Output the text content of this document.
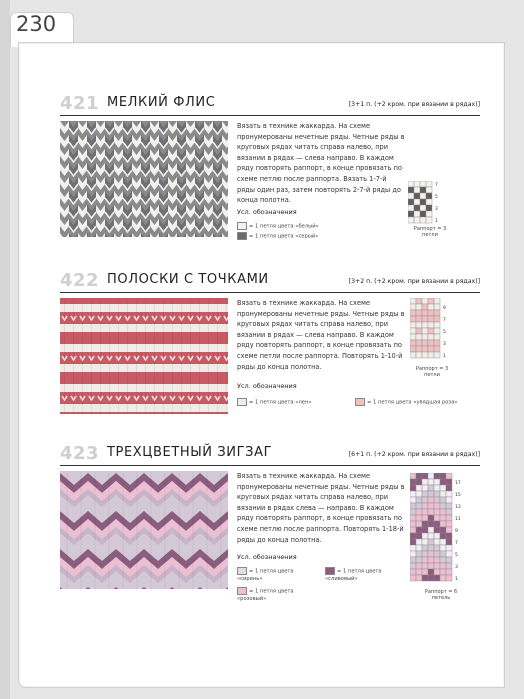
230
421 МЕЛКИЙ ФЛИС	[3+1 п. (+2 кром. при вязании в рядах)]

Вязать в технике жаккарда. На схеме пронумерованы нечетные ряды. Четные ряды в круговых рядах читать справа налево, при вязании в рядах — слева направо. В каждом ряду повторять раппорт, в конце провязать по схеме петлю после раппорта. Вязать 1-7-й ряды один раз, затем повторять 2-7-й ряды до конца полотна.

Усл. обозначения
= 1 петля цвета «белый»
= 1 петля цвета «серый»
7
5
3
1
Раппорт = 3 петли
422 ПОЛОСКИ С ТОЧКАМИ	[3+2 п. (+2 кром. при вязании в рядах)]

Вязать в технике жаккарда. На схеме пронумерованы нечетные ряды. Четные ряды в круговых рядах читать справа налево, при вязании в рядах — слева направо. В каждом ряду повторять раппорт, в конце провязать по схеме петли после раппорта. Повторять 1-10-й ряды до конца полотна.

Усл. обозначения
= 1 петля цвета «лен»	= 1 петля цвета «увядшая роза»
9
7
5
3
1
Раппорт = 3 петли
423 ТРЕХЦВЕТНЫЙ ЗИГЗАГ	[6+1 п. (+2 кром. при вязании в рядах)]

Вязать в технике жаккарда. На схеме пронумерованы нечетные ряды. Четные ряды в круговых рядах читать справа налево, при вязании в рядах слева — направо. В каждом ряду повторять раппорт, в конце провязать по схеме петлю после раппорта. Повторять 1-18-й ряды до конца полотна.

Усл. обозначения
= 1 петля цвета «сирень»
= 1 петля цвета «сливовый»
= 1 петля цвета «розовый»
17
15
13
11
9
7
5
3
1
Раппорт = 6 петель
